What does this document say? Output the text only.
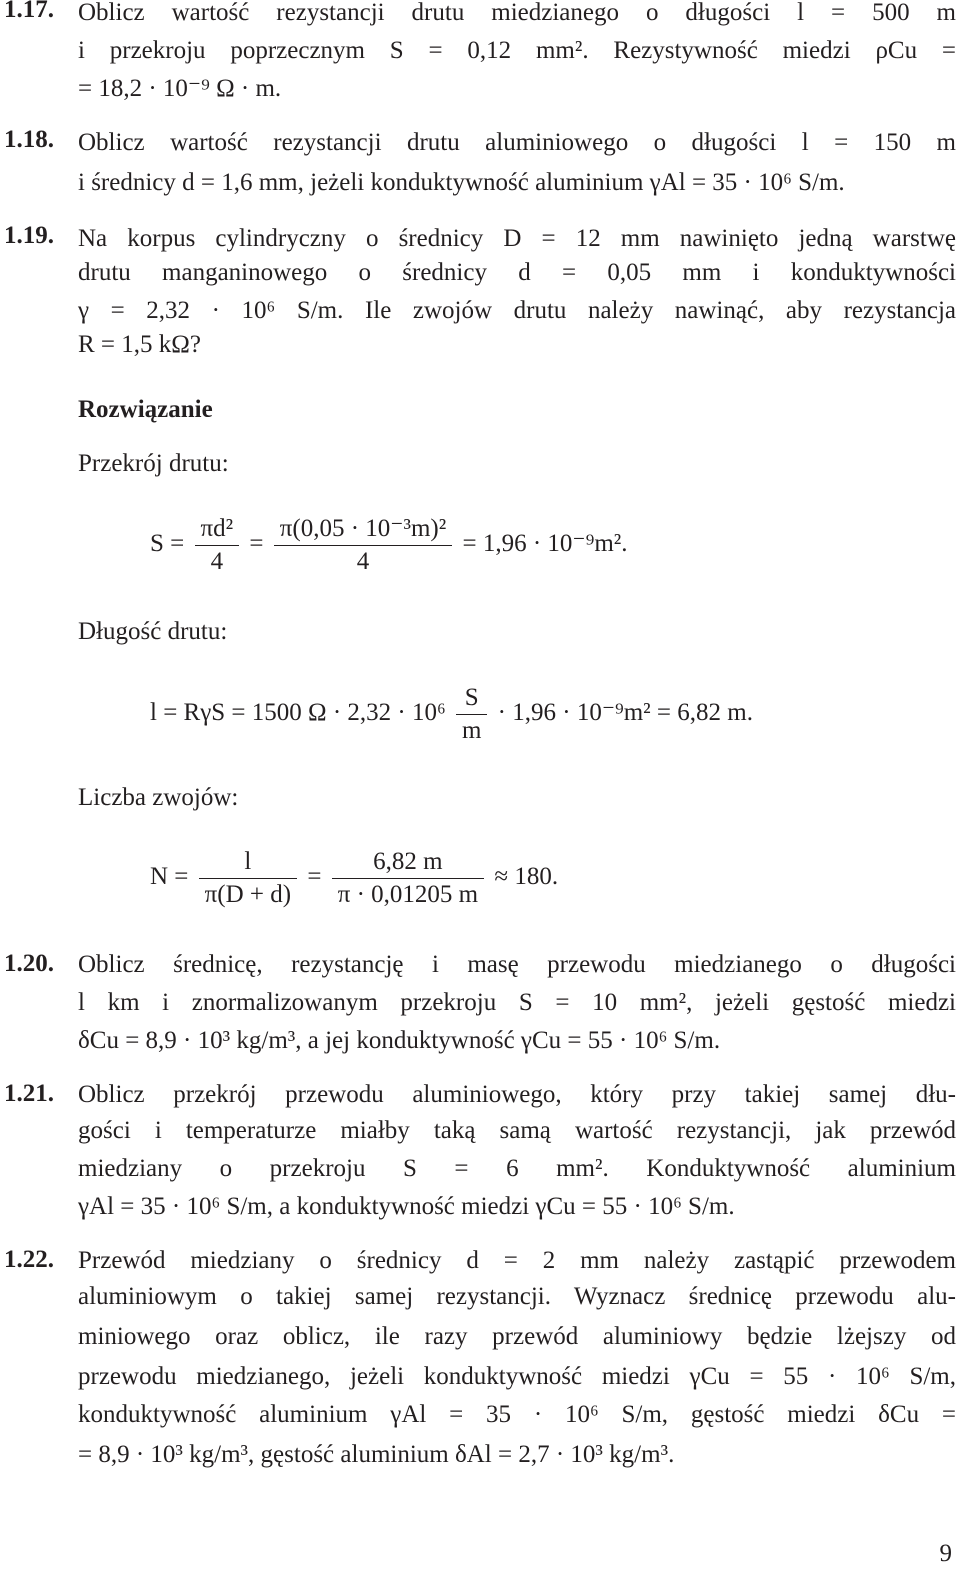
1.17. Oblicz wartość rezystancji drutu miedzianego o długości l = 500 m
i przekroju poprzecznym S = 0,12 mm². Rezystywność miedzi ρCu =
= 18,2 · 10⁻⁹ Ω · m.
1.18. Oblicz wartość rezystancji drutu aluminiowego o długości l = 150 m
i średnicy d = 1,6 mm, jeżeli konduktywność aluminium γAl = 35 · 10⁶ S/m.
1.19. Na korpus cylindryczny o średnicy D = 12 mm nawinięto jedną warstwę
drutu manganinowego o średnicy d = 0,05 mm i konduktywności
γ = 2,32 · 10⁶ S/m. Ile zwojów drutu należy nawinąć, aby rezystancja
R = 1,5 kΩ?
Rozwiązanie
Przekrój drutu:
$S = \frac{\text{πd²}}{4} = \frac{\text{π(0,05 · 10⁻³m)²}}{4} = 1,96 \cdot 10^{-9}m^2$.
Długość drutu:
l = RγS = 1500 $\Omega \cdot 2,32 \cdot 10^6 \frac{S}{m} \cdot 1,96 \cdot 10^{-9}m^2 = 6,82$ m.
Liczba zwojów:
$N = \frac{l}{\pi(D + d)} = \frac{6,82 m}{\pi \cdot 0,01205 m} \approx 180$.
1.20. Oblicz średnicę, rezystancję i masę przewodu miedzianego o długości
l km i znormalizowanym przekroju S = 10 mm², jeżeli gęstość miedzi
δCu = 8,9 · 10³ kg/m³, a jej konduktywność γCu = 55 · 10⁶ S/m.
1.21. Oblicz przekrój przewodu aluminiowego, który przy takiej samej dłu-
gości i temperaturze miałby taką samą wartość rezystancji, jak przewód
miedziany o przekroju S = 6 mm². Konduktywność aluminium
γAl = 35 · 10⁶ S/m, a konduktywność miedzi γCu = 55 · 10⁶ S/m.
1.22. Przewód miedziany o średnicy d = 2 mm należy zastąpić przewodem
aluminiowym o takiej samej rezystancji. Wyznacz średnicę przewodu alu-
miniowego oraz oblicz, ile razy przewód aluminiowy będzie lżejszy od
przewodu miedzianego, jeżeli konduktywność miedzi γCu = 55 · 10⁶ S/m,
konduktywność aluminium γAl = 35 · 10⁶ S/m, gęstość miedzi δCu =
= 8,9 · 10³ kg/m³, gęstość aluminium δAl = 2,7 · 10³ kg/m³.
9
